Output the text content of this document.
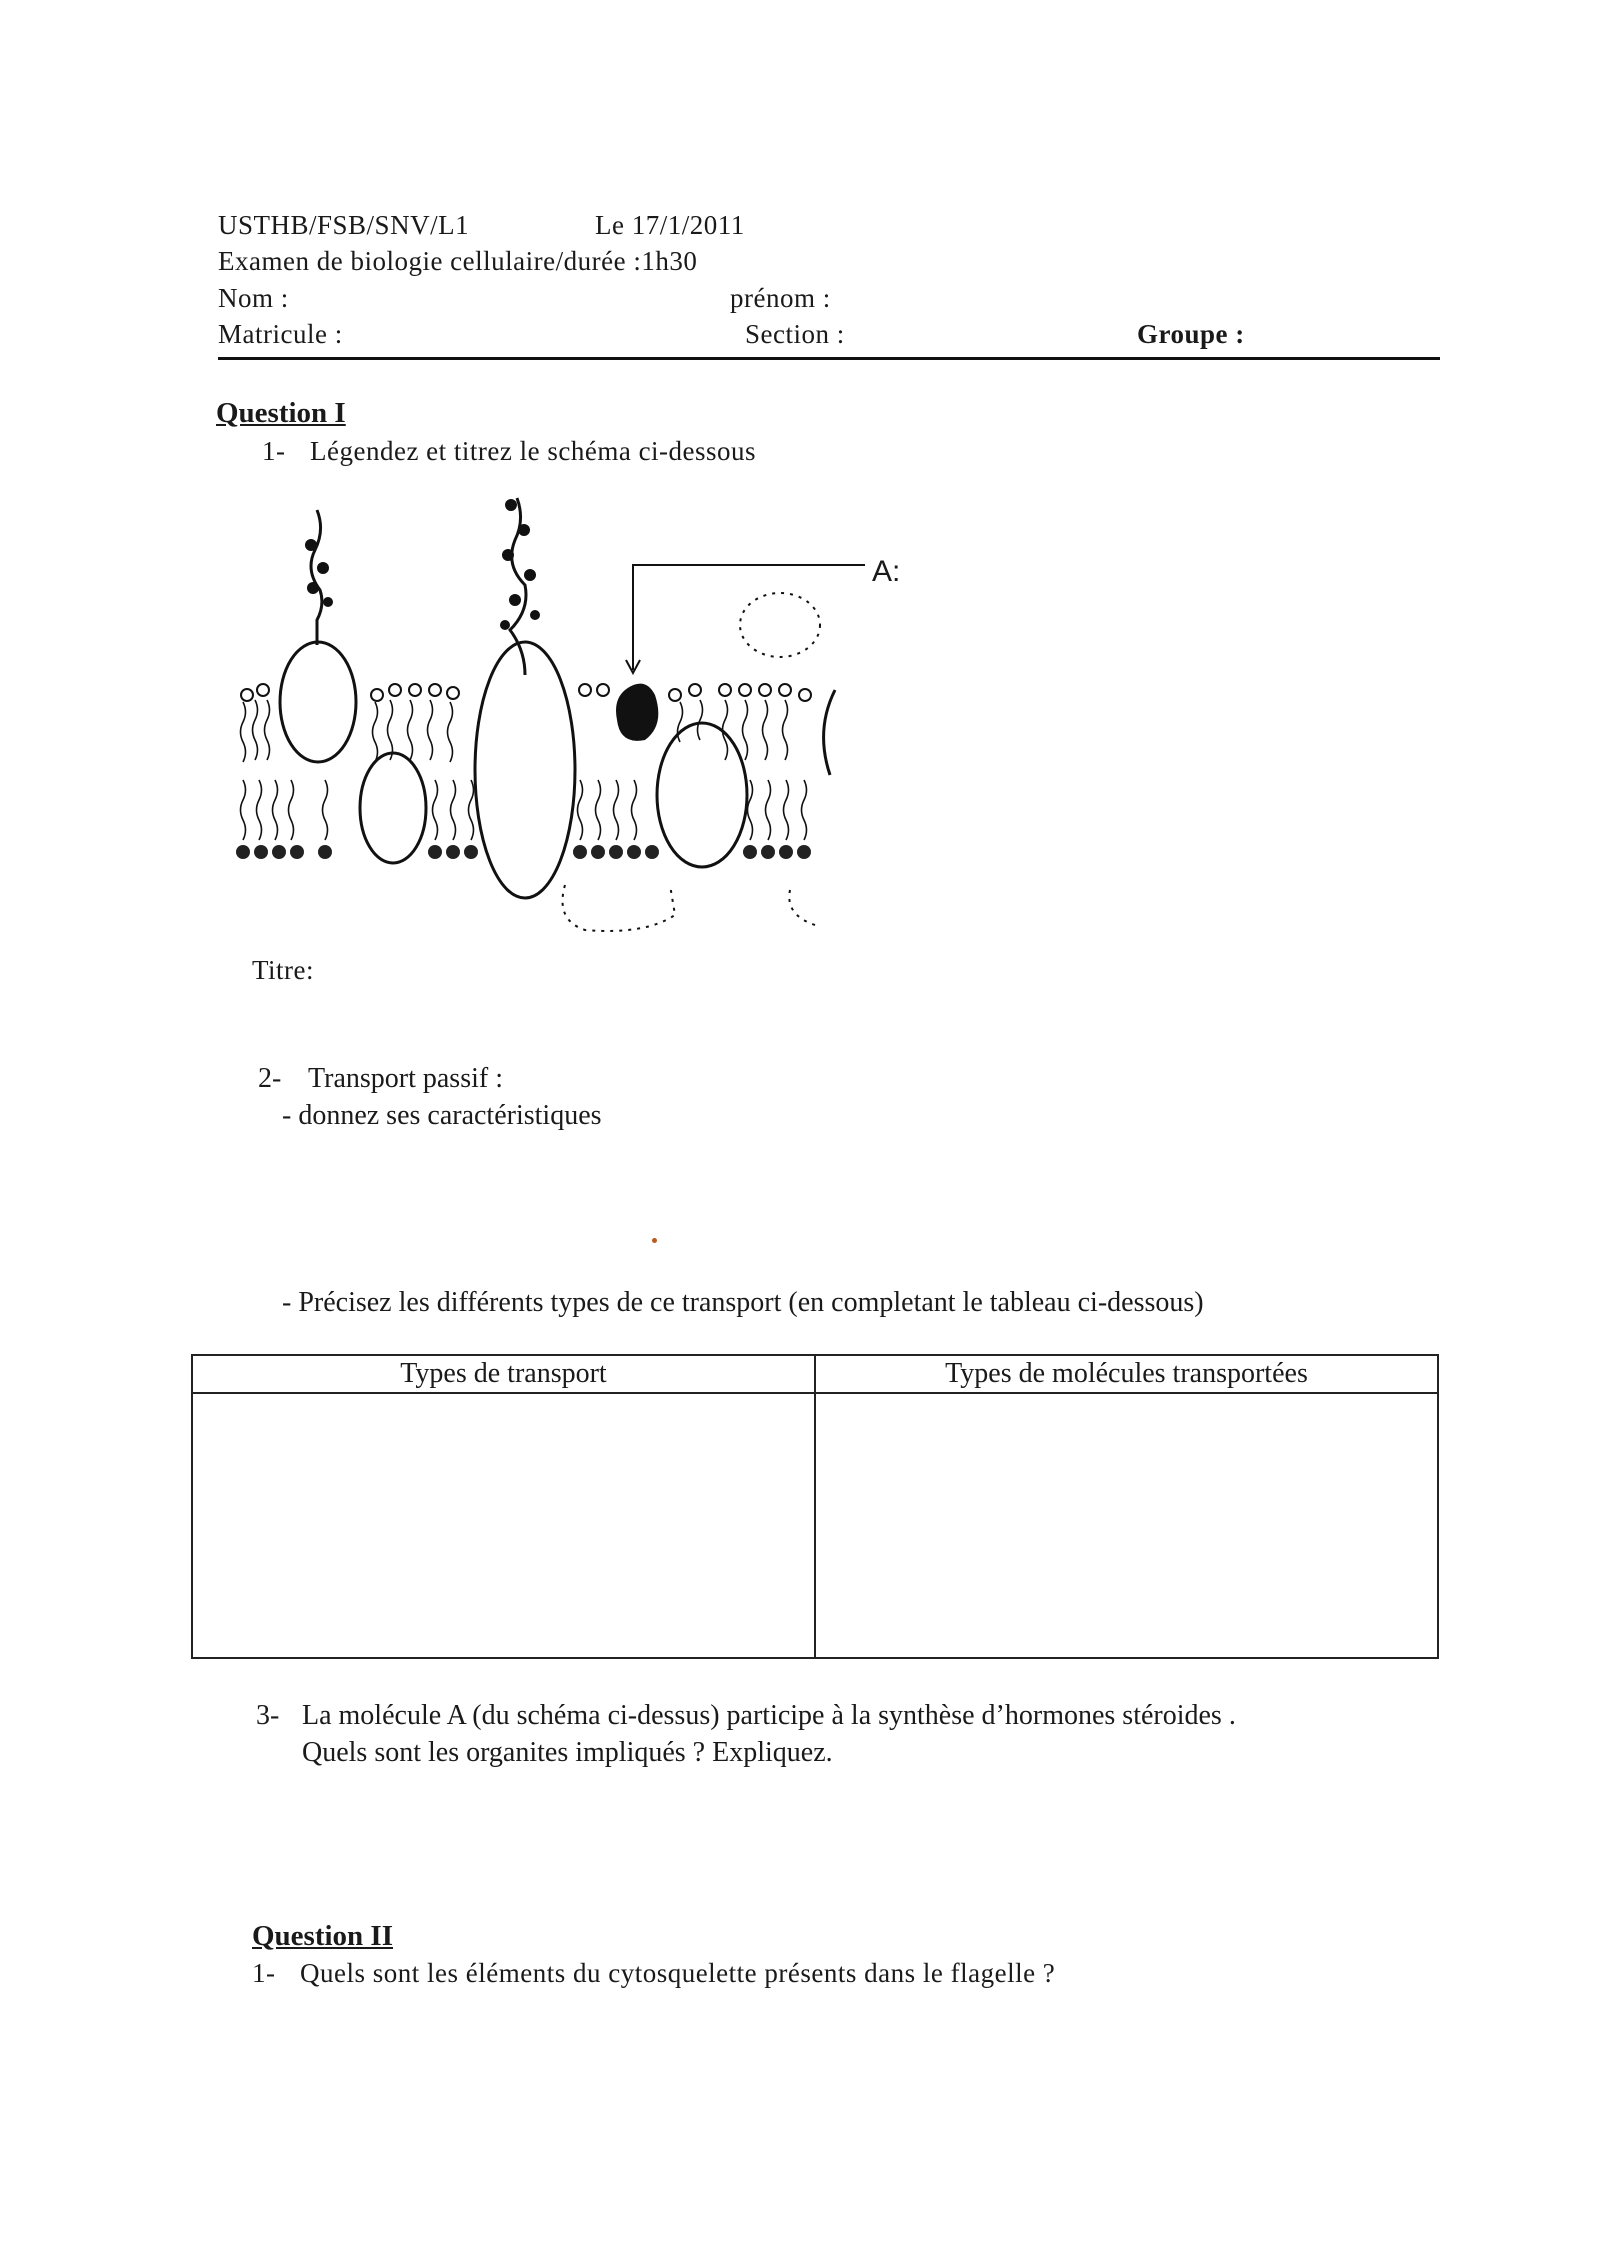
USTHB/FSB/SNV/L1	Le 17/1/2011
Examen de biologie cellulaire/durée :1h30
Nom :	prénom :
Matricule :	Section :	Groupe :
Question I
1- Légendez et titrez le schéma ci-dessous
A:
Titre:
2- Transport passif :
- donnez ses caractéristiques
- Précisez les différents types de ce transport (en completant le tableau ci-dessous)
Types de transport	Types de molécules transportées

3- La molécule A (du schéma ci-dessus) participe à la synthèse d’hormones stéroides .
Quels sont les organites impliqués ? Expliquez.
Question II
1- Quels sont les éléments du cytosquelette présents dans le flagelle ?
